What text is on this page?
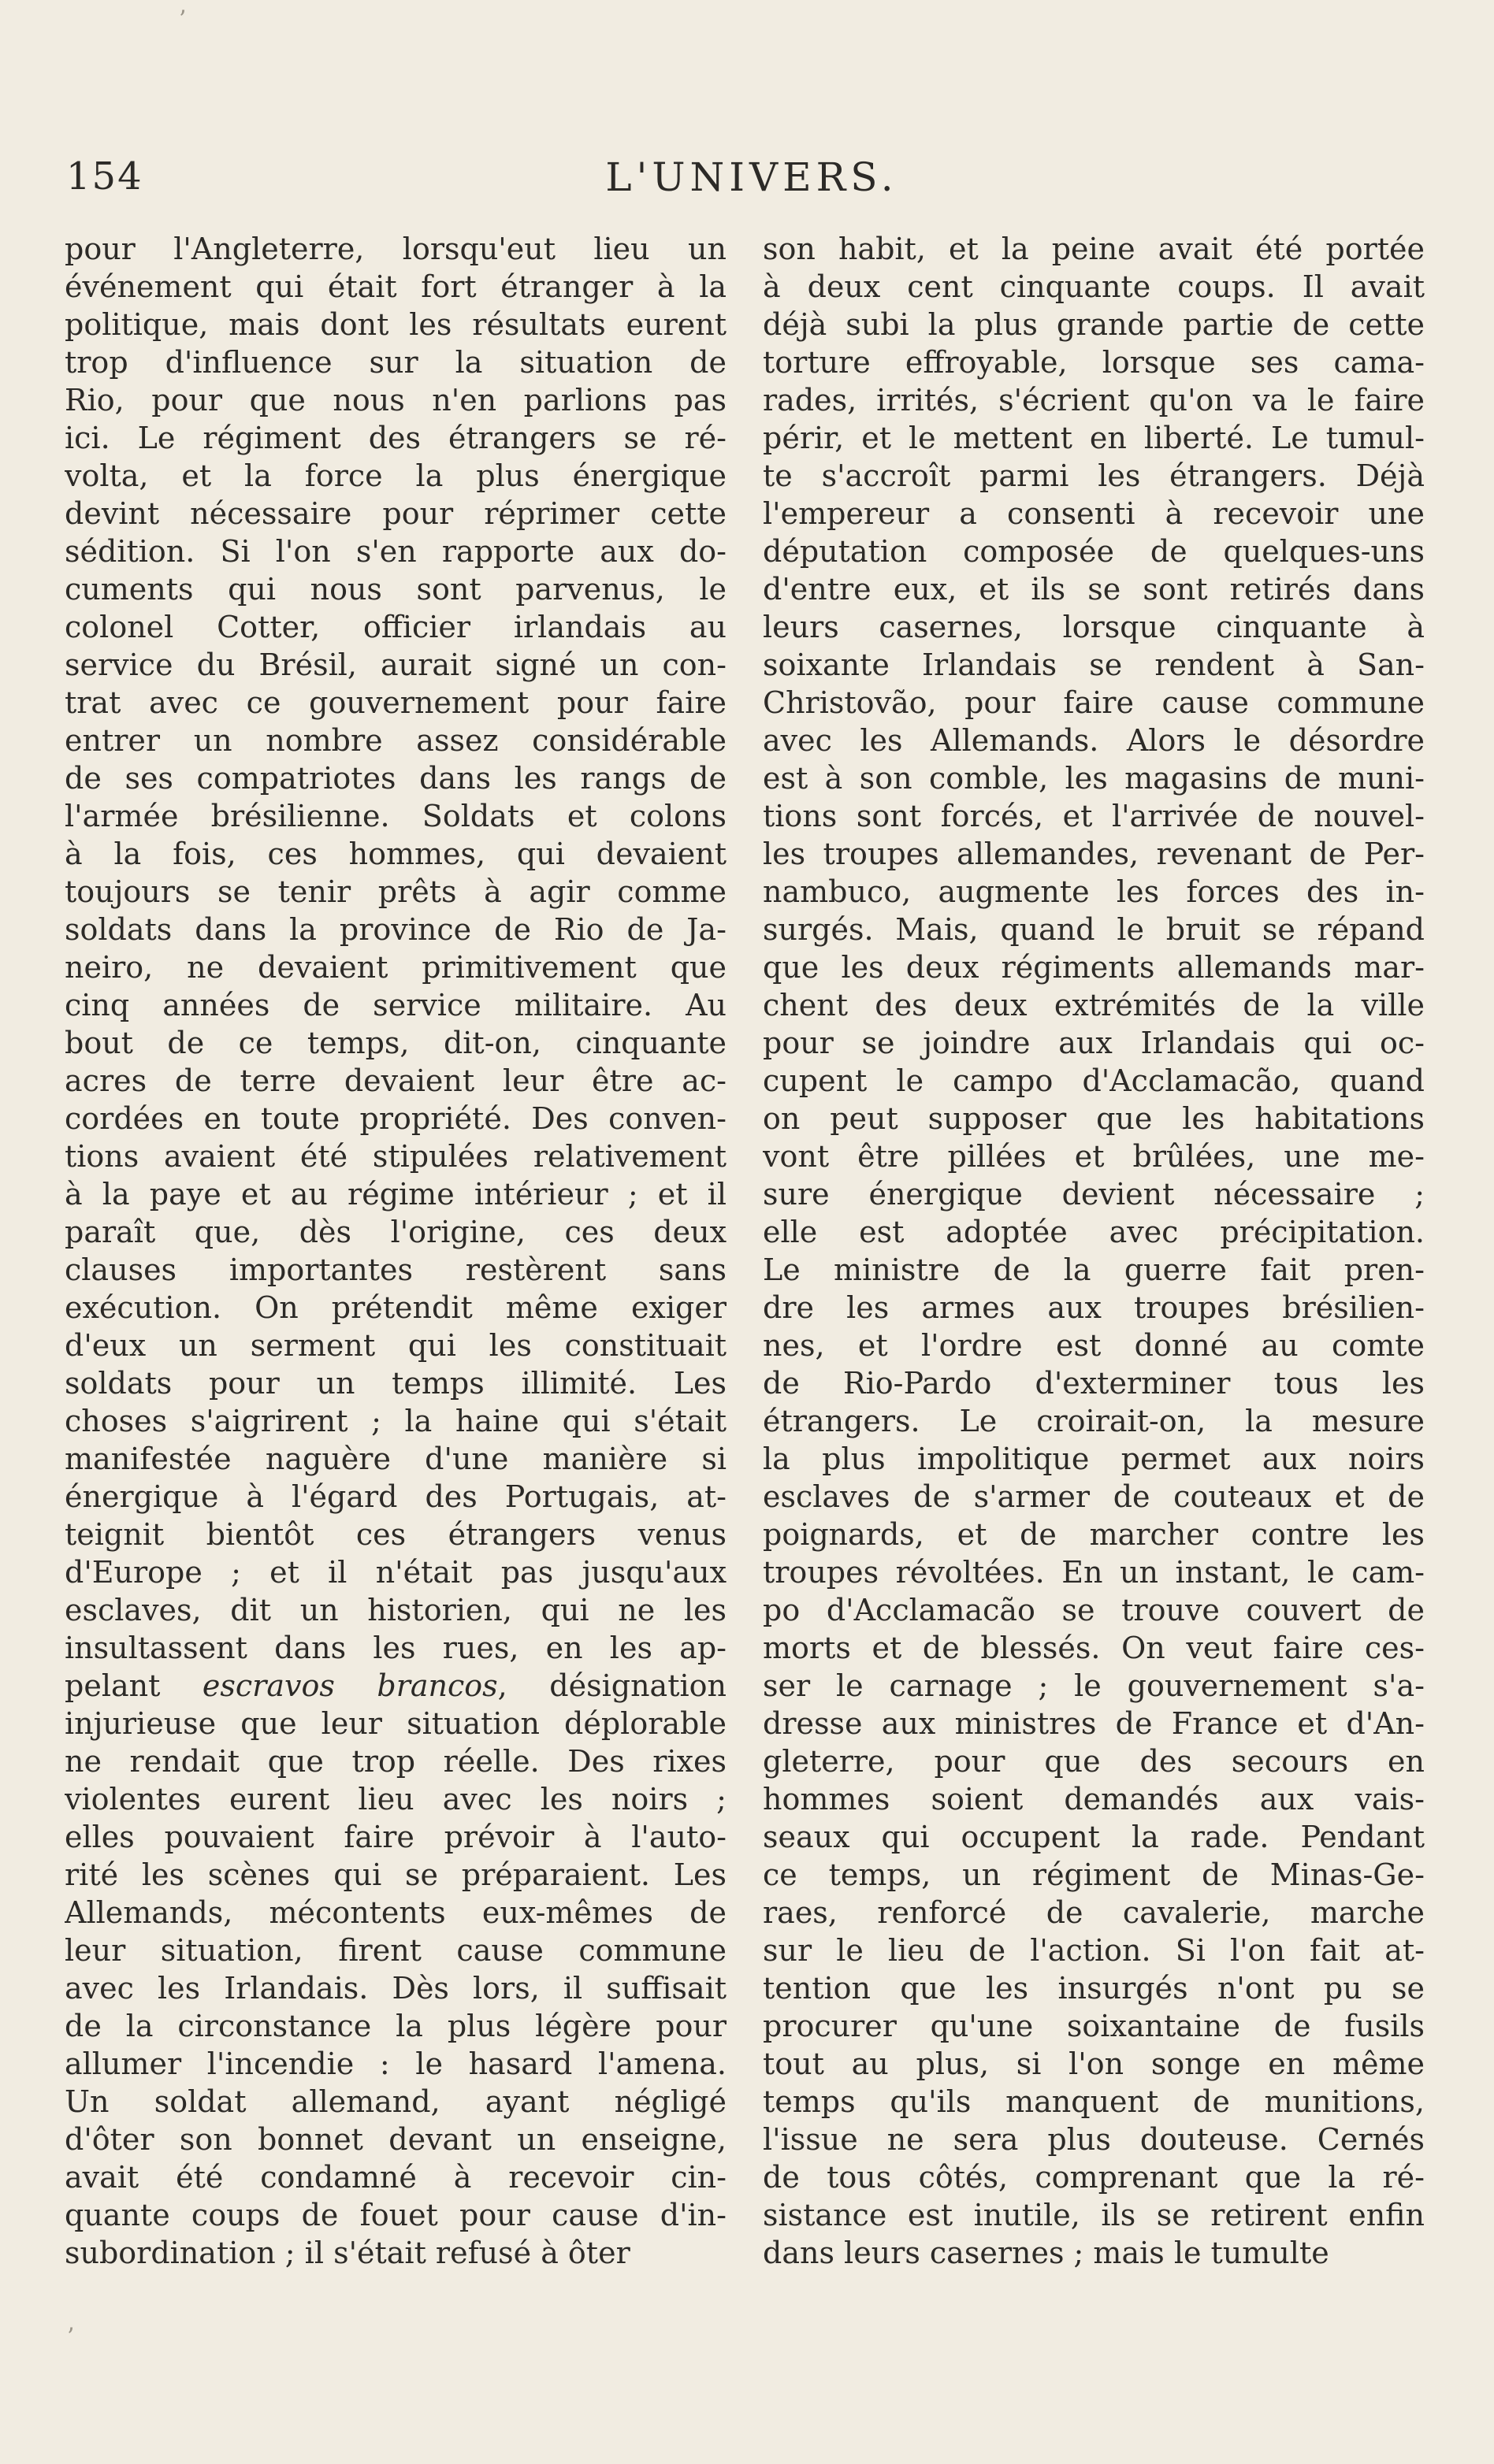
ʼ
154	L'UNIVERS.
pour l'Angleterre, lorsqu'eut lieu un
événement qui était fort étranger à la
politique, mais dont les résultats eurent
trop d'influence sur la situation de
Rio, pour que nous n'en parlions pas
ici. Le régiment des étrangers se ré-
volta, et la force la plus énergique
devint nécessaire pour réprimer cette
sédition. Si l'on s'en rapporte aux do-
cuments qui nous sont parvenus, le
colonel Cotter, officier irlandais au
service du Brésil, aurait signé un con-
trat avec ce gouvernement pour faire
entrer un nombre assez considérable
de ses compatriotes dans les rangs de
l'armée brésilienne. Soldats et colons
à la fois, ces hommes, qui devaient
toujours se tenir prêts à agir comme
soldats dans la province de Rio de Ja-
neiro, ne devaient primitivement que
cinq années de service militaire. Au
bout de ce temps, dit-on, cinquante
acres de terre devaient leur être ac-
cordées en toute propriété. Des conven-
tions avaient été stipulées relativement
à la paye et au régime intérieur ; et il
paraît que, dès l'origine, ces deux
clauses importantes restèrent sans
exécution. On prétendit même exiger
d'eux un serment qui les constituait
soldats pour un temps illimité. Les
choses s'aigrirent ; la haine qui s'était
manifestée naguère d'une manière si
énergique à l'égard des Portugais, at-
teignit bientôt ces étrangers venus
d'Europe ; et il n'était pas jusqu'aux
esclaves, dit un historien, qui ne les
insultassent dans les rues, en les ap-
pelant escravos brancos, désignation
injurieuse que leur situation déplorable
ne rendait que trop réelle. Des rixes
violentes eurent lieu avec les noirs ;
elles pouvaient faire prévoir à l'auto-
rité les scènes qui se préparaient. Les
Allemands, mécontents eux-mêmes de
leur situation, firent cause commune
avec les Irlandais. Dès lors, il suffisait
de la circonstance la plus légère pour
allumer l'incendie : le hasard l'amena.
Un soldat allemand, ayant négligé
d'ôter son bonnet devant un enseigne,
avait été condamné à recevoir cin-
quante coups de fouet pour cause d'in-
subordination ; il s'était refusé à ôter
son habit, et la peine avait été portée
à deux cent cinquante coups. Il avait
déjà subi la plus grande partie de cette
torture effroyable, lorsque ses cama-
rades, irrités, s'écrient qu'on va le faire
périr, et le mettent en liberté. Le tumul-
te s'accroît parmi les étrangers. Déjà
l'empereur a consenti à recevoir une
députation composée de quelques-uns
d'entre eux, et ils se sont retirés dans
leurs casernes, lorsque cinquante à
soixante Irlandais se rendent à San-
Christovão, pour faire cause commune
avec les Allemands. Alors le désordre
est à son comble, les magasins de muni-
tions sont forcés, et l'arrivée de nouvel-
les troupes allemandes, revenant de Per-
nambuco, augmente les forces des in-
surgés. Mais, quand le bruit se répand
que les deux régiments allemands mar-
chent des deux extrémités de la ville
pour se joindre aux Irlandais qui oc-
cupent le campo d'Acclamacão, quand
on peut supposer que les habitations
vont être pillées et brûlées, une me-
sure énergique devient nécessaire ;
elle est adoptée avec précipitation.
Le ministre de la guerre fait pren-
dre les armes aux troupes brésilien-
nes, et l'ordre est donné au comte
de Rio-Pardo d'exterminer tous les
étrangers. Le croirait-on, la mesure
la plus impolitique permet aux noirs
esclaves de s'armer de couteaux et de
poignards, et de marcher contre les
troupes révoltées. En un instant, le cam-
po d'Acclamacão se trouve couvert de
morts et de blessés. On veut faire ces-
ser le carnage ; le gouvernement s'a-
dresse aux ministres de France et d'An-
gleterre, pour que des secours en
hommes soient demandés aux vais-
seaux qui occupent la rade. Pendant
ce temps, un régiment de Minas-Ge-
raes, renforcé de cavalerie, marche
sur le lieu de l'action. Si l'on fait at-
tention que les insurgés n'ont pu se
procurer qu'une soixantaine de fusils
tout au plus, si l'on songe en même
temps qu'ils manquent de munitions,
l'issue ne sera plus douteuse. Cernés
de tous côtés, comprenant que la ré-
sistance est inutile, ils se retirent enfin
dans leurs casernes ; mais le tumulte
ʼ
